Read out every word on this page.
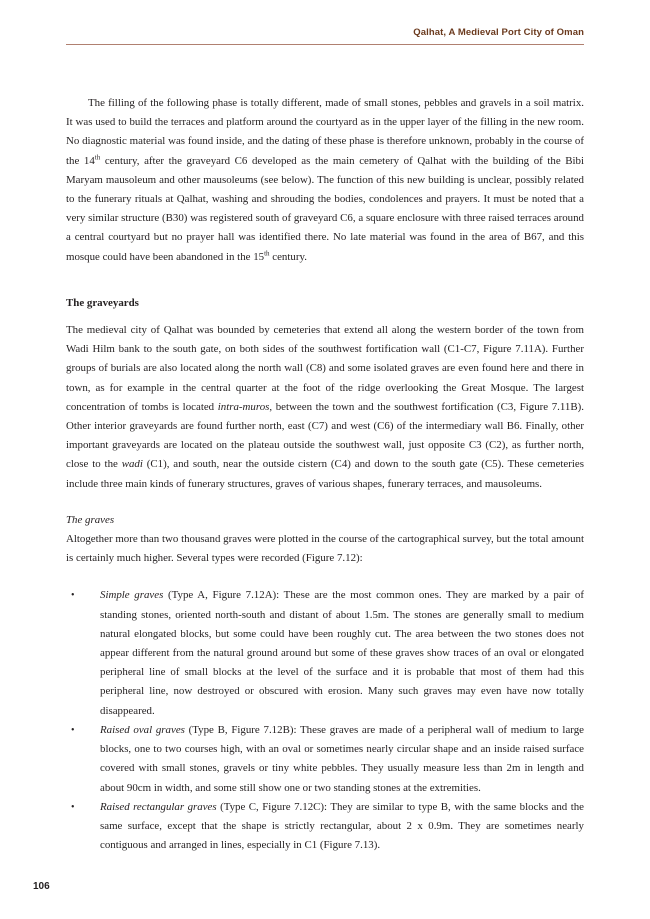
Qalhat, A Medieval Port City of Oman

The filling of the following phase is totally different, made of small stones, pebbles and gravels in a soil matrix. It was used to build the terraces and platform around the courtyard as in the upper layer of the filling in the new room. No diagnostic material was found inside, and the dating of these phase is therefore unknown, probably in the course of the 14th century, after the graveyard C6 developed as the main cemetery of Qalhat with the building of the Bibi Maryam mausoleum and other mausoleums (see below). The function of this new building is unclear, possibly related to the funerary rituals at Qalhat, washing and shrouding the bodies, condolences and prayers. It must be noted that a very similar structure (B30) was registered south of graveyard C6, a square enclosure with three raised terraces around a central courtyard but no prayer hall was identified there. No late material was found in the area of B67, and this mosque could have been abandoned in the 15th century.

The graveyards

The medieval city of Qalhat was bounded by cemeteries that extend all along the western border of the town from Wadi Hilm bank to the south gate, on both sides of the southwest fortification wall (C1-C7, Figure 7.11A). Further groups of burials are also located along the north wall (C8) and some isolated graves are even found here and there in town, as for example in the central quarter at the foot of the ridge overlooking the Great Mosque. The largest concentration of tombs is located intra-muros, between the town and the southwest fortification (C3, Figure 7.11B). Other interior graveyards are found further north, east (C7) and west (C6) of the intermediary wall B6. Finally, other important graveyards are located on the plateau outside the southwest wall, just opposite C3 (C2), as further north, close to the wadi (C1), and south, near the outside cistern (C4) and down to the south gate (C5). These cemeteries include three main kinds of funerary structures, graves of various shapes, funerary terraces, and mausoleums.

The graves

Altogether more than two thousand graves were plotted in the course of the cartographical survey, but the total amount is certainly much higher. Several types were recorded (Figure 7.12):

• Simple graves (Type A, Figure 7.12A): These are the most common ones. They are marked by a pair of standing stones, oriented north-south and distant of about 1.5m. The stones are generally small to medium natural elongated blocks, but some could have been roughly cut. The area between the two stones does not appear different from the natural ground around but some of these graves show traces of an oval or elongated peripheral line of small blocks at the level of the surface and it is probable that most of them had this peripheral line, now destroyed or obscured with erosion. Many such graves may even have now totally disappeared.
• Raised oval graves (Type B, Figure 7.12B): These graves are made of a peripheral wall of medium to large blocks, one to two courses high, with an oval or sometimes nearly circular shape and an inside raised surface covered with small stones, gravels or tiny white pebbles. They usually measure less than 2m in length and about 90cm in width, and some still show one or two standing stones at the extremities.
• Raised rectangular graves (Type C, Figure 7.12C): They are similar to type B, with the same blocks and the same surface, except that the shape is strictly rectangular, about 2 x 0.9m. They are sometimes nearly contiguous and arranged in lines, especially in C1 (Figure 7.13).
106
